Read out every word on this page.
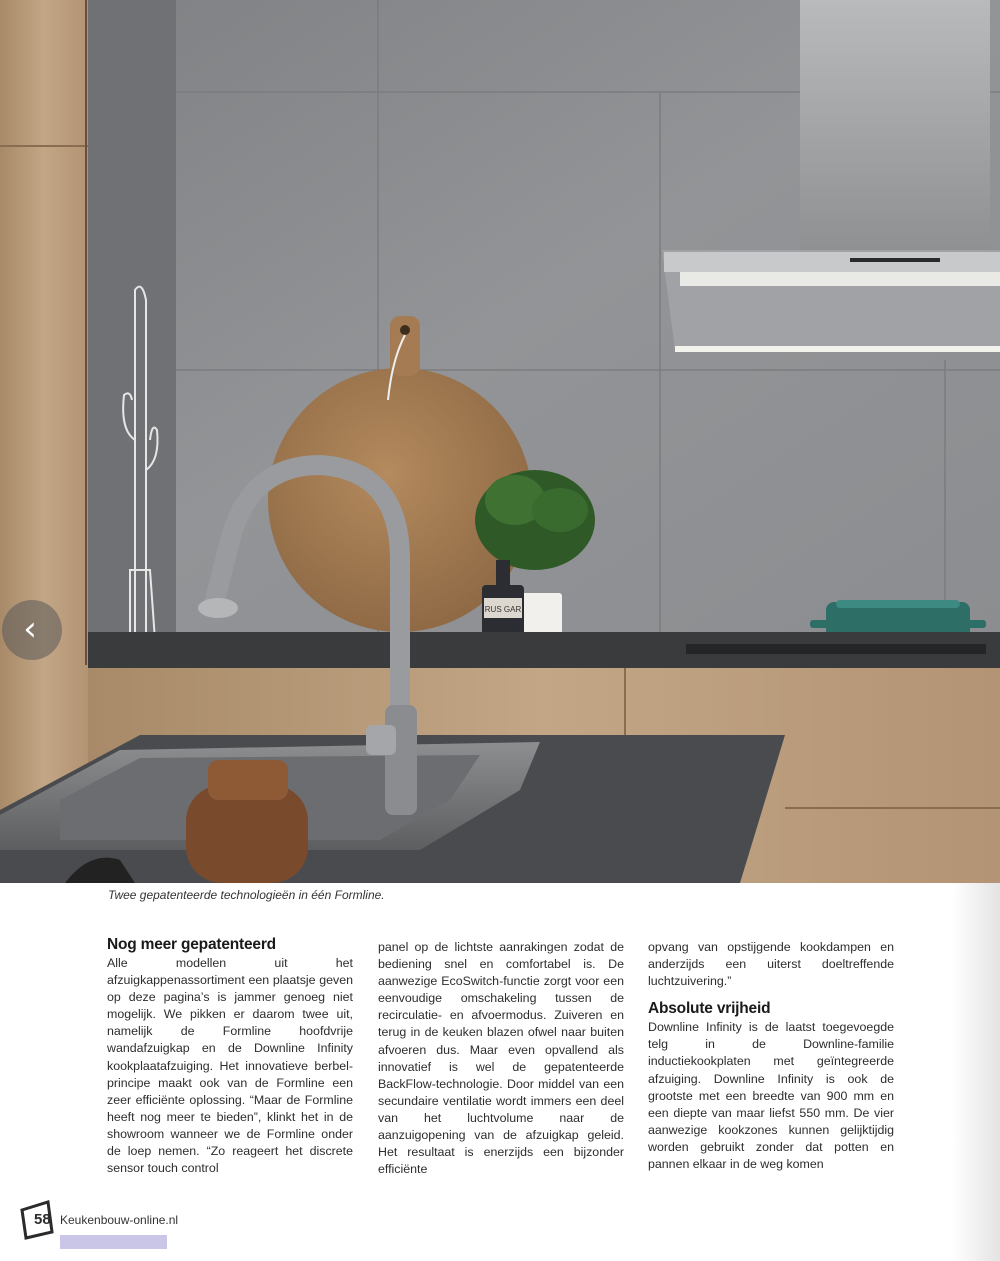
RUS GAR
‹
Twee gepatenteerde technologieën in één Formline.
Nog meer gepatenteerd

Alle modellen uit het afzuigkappenassortiment een plaatsje geven op deze pagina’s is jammer genoeg niet mogelijk. We pikken er daarom twee uit, namelijk de Formline hoofdvrije wandafzuigkap en de Downline Infinity kookplaatafzuiging. Het innovatieve berbel-principe maakt ook van de Formline een zeer efficiënte oplossing. “Maar de Formline heeft nog meer te bieden”, klinkt het in de showroom wanneer we de Formline onder de loep nemen. “Zo reageert het discrete sensor touch control

panel op de lichtste aanrakingen zodat de bediening snel en comfortabel is. De aanwezige EcoSwitch-functie zorgt voor een eenvoudige omschakeling tussen de recirculatie- en afvoermodus. Zuiveren en terug in de keuken blazen ofwel naar buiten afvoeren dus. Maar even opvallend als innovatief is wel de gepatenteerde BackFlow-technologie. Door middel van een secundaire ventilatie wordt immers een deel van het luchtvolume naar de aanzuigopening van de afzuigkap geleid. Het resultaat is enerzijds een bijzonder efficiënte

opvang van opstijgende kookdampen en anderzijds een uiterst doeltreffende luchtzuivering.”

Absolute vrijheid

Downline Infinity is de laatst toegevoegde telg in de Downline-familie inductiekookplaten met geïntegreerde afzuiging. Downline Infinity is ook de grootste met een breedte van 900 mm en een diepte van maar liefst 550 mm. De vier aanwezige kookzones kunnen gelijktijdig worden gebruikt zonder dat potten en pannen elkaar in de weg komen

58 Keukenbouw-online.nl
